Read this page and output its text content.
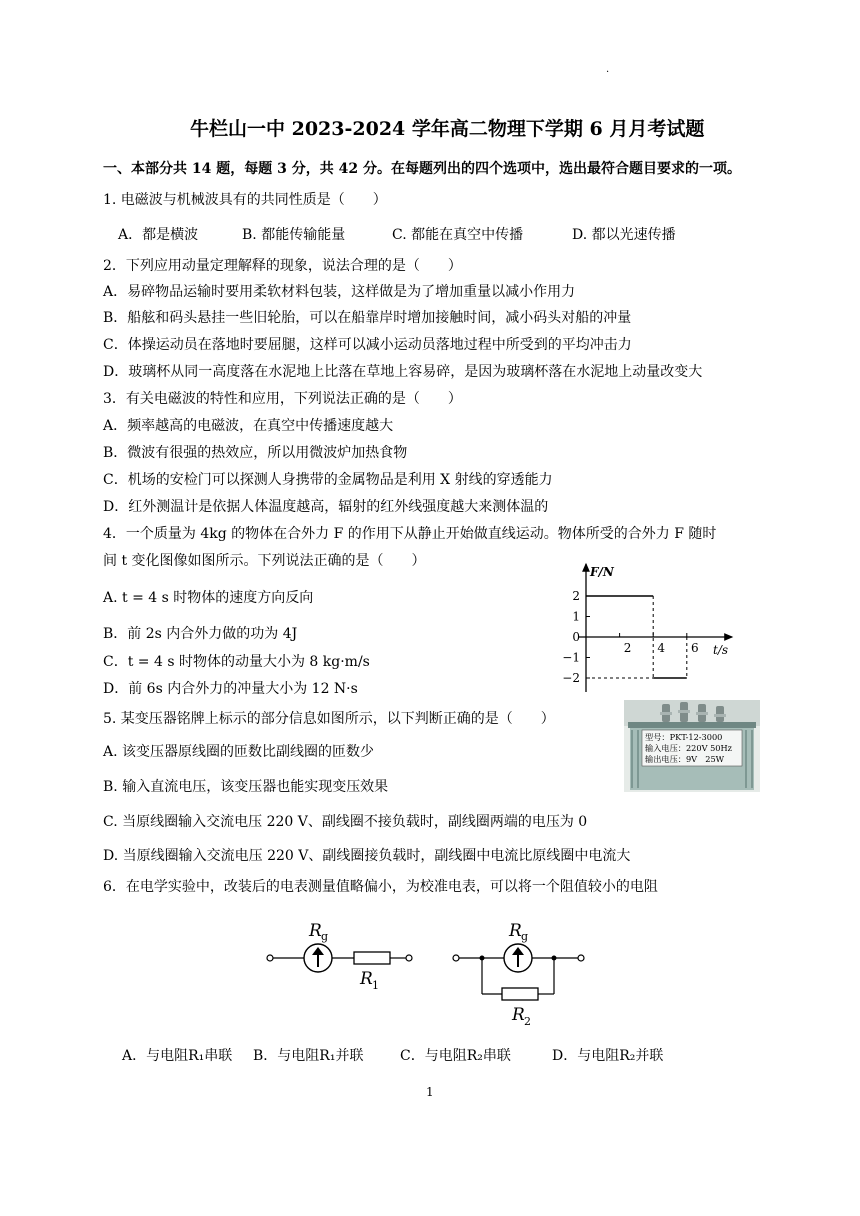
.
牛栏山一中 2023-2024 学年高二物理下学期 6 月月考试题
一、本部分共 14 题，每题 3 分，共 42 分。在每题列出的四个选项中，选出最符合题目要求的一项。
1. 电磁波与机械波具有的共同性质是（　　）
A．都是横波	B. 都能传输能量	C. 都能在真空中传播	D. 都以光速传播
2．下列应用动量定理解释的现象，说法合理的是（　　）
A．易碎物品运输时要用柔软材料包装，这样做是为了增加重量以减小作用力
B．船舷和码头悬挂一些旧轮胎，可以在船靠岸时增加接触时间，减小码头对船的冲量
C．体操运动员在落地时要屈腿，这样可以减小运动员落地过程中所受到的平均冲击力
D．玻璃杯从同一高度落在水泥地上比落在草地上容易碎，是因为玻璃杯落在水泥地上动量改变大
3．有关电磁波的特性和应用，下列说法正确的是（　　）
A．频率越高的电磁波，在真空中传播速度越大
B．微波有很强的热效应，所以用微波炉加热食物
C．机场的安检门可以探测人身携带的金属物品是利用 X 射线的穿透能力
D．红外测温计是依据人体温度越高，辐射的红外线强度越大来测体温的
4．一个质量为 4kg 的物体在合外力 F 的作用下从静止开始做直线运动。物体所受的合外力 F 随时
间 t 变化图像如图所示。下列说法正确的是（　　）
A. t = 4 s 时物体的速度方向反向
B．前 2s 内合外力做的功为 4J
C．t = 4 s 时物体的动量大小为 8 kg·m/s
D．前 6s 内合外力的冲量大小为 12 N·s
F/N
t/s
2
1
0
−1
−2
2 4 6
5. 某变压器铭牌上标示的部分信息如图所示，以下判断正确的是（　　）
A. 该变压器原线圈的匝数比副线圈的匝数少
B. 输入直流电压，该变压器也能实现变压效果
C. 当原线圈输入交流电压 220 V、副线圈不接负载时，副线圈两端的电压为 0
D. 当原线圈输入交流电压 220 V、副线圈接负载时，副线圈中电流比原线圈中电流大
型号：PKT-12-3000
输入电压：220V 50Hz
输出电压：9V　25W
6．在电学实验中，改装后的电表测量值略偏小，为校准电表，可以将一个阻值较小的电阻
R g
R 1
R g
R 2
A．与电阻R₁串联 B．与电阻R₁并联	C．与电阻R₂串联	D．与电阻R₂并联
1
